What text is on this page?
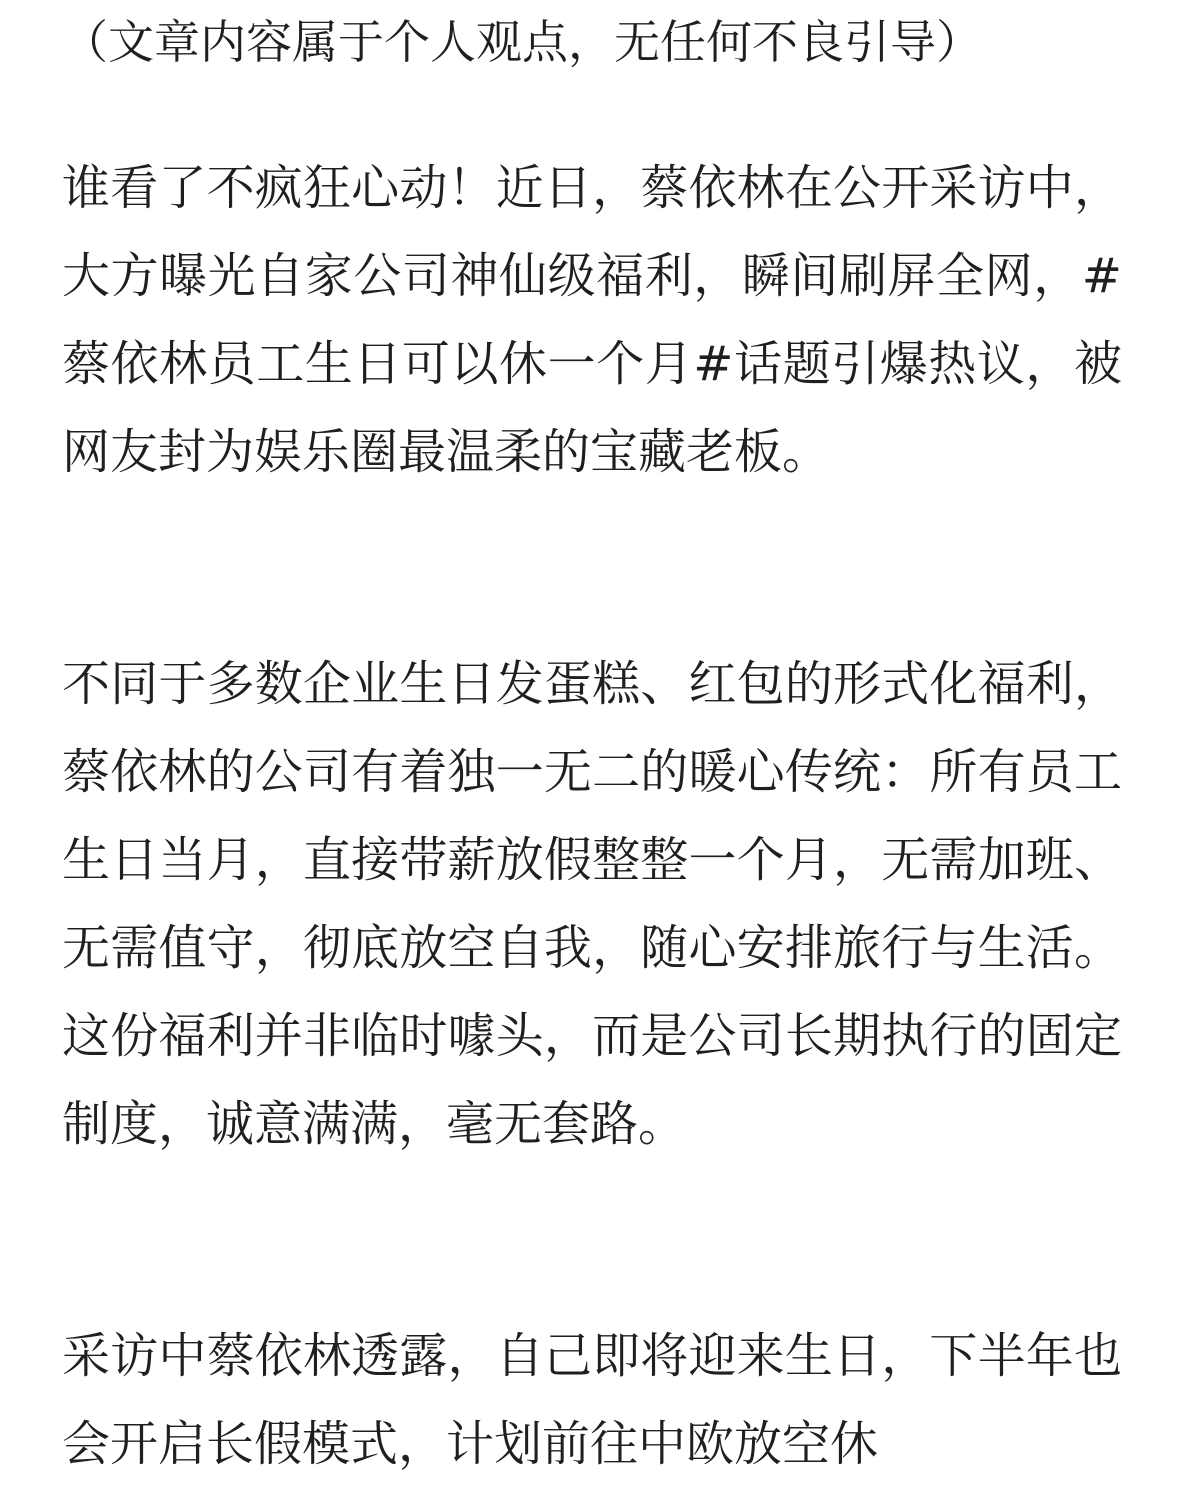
（文章内容属于个人观点，无任何不良引导）

谁看了不疯狂心动！近日，蔡依林在公开采访中，大方曝光自家公司神仙级福利，瞬间刷屏全网，#蔡依林员工生日可以休一个月#话题引爆热议，被网友封为娱乐圈最温柔的宝藏老板。

不同于多数企业生日发蛋糕、红包的形式化福利，蔡依林的公司有着独一无二的暖心传统：所有员工生日当月，直接带薪放假整整一个月，无需加班、无需值守，彻底放空自我，随心安排旅行与生活。这份福利并非临时噱头，而是公司长期执行的固定制度，诚意满满，毫无套路。

采访中蔡依林透露，自己即将迎来生日，下半年也会开启长假模式，计划前往中欧放空休
